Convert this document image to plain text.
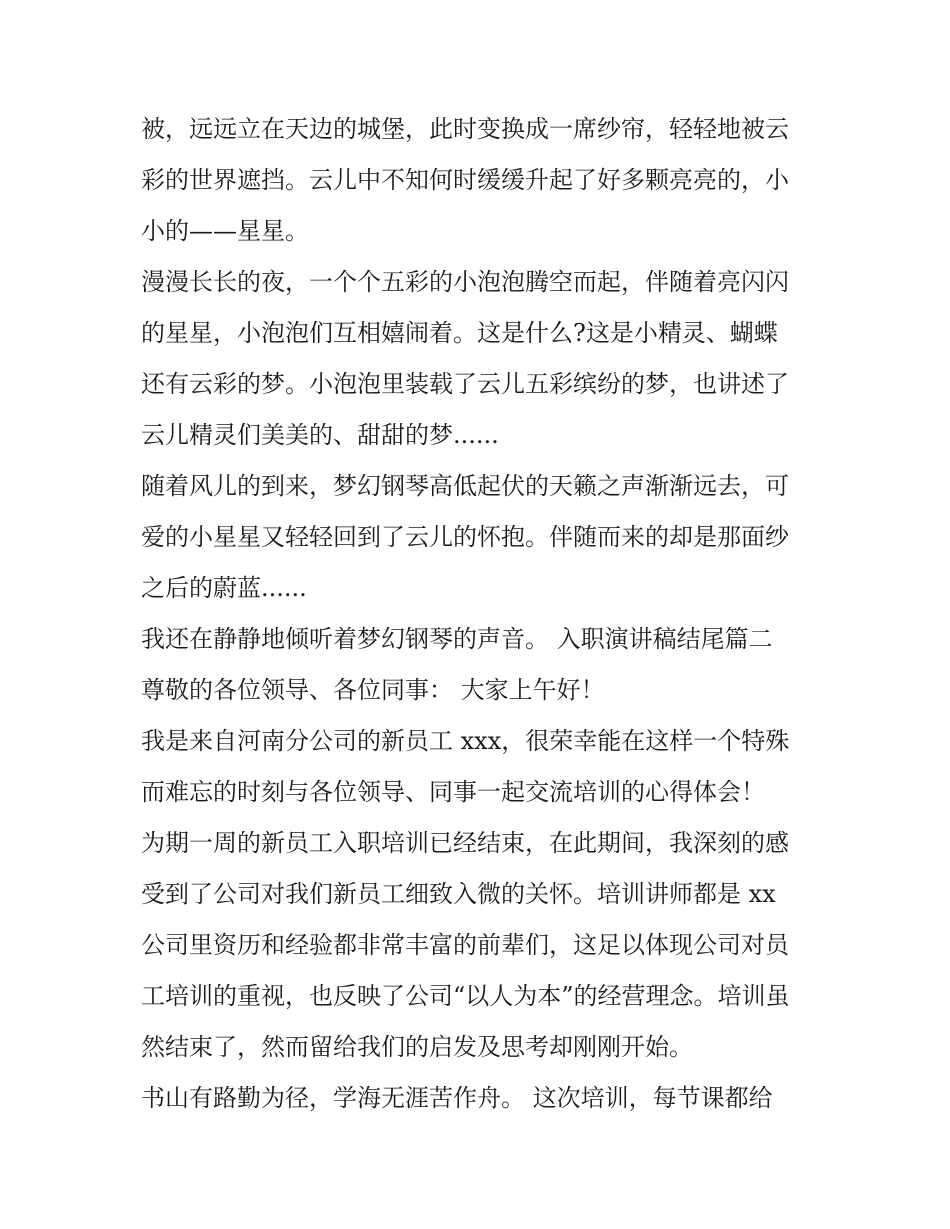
被，远远立在天边的城堡，此时变换成一席纱帘，轻轻地被云
彩的世界遮挡。云儿中不知何时缓缓升起了好多颗亮亮的，小
小的——星星。
漫漫长长的夜，一个个五彩的小泡泡腾空而起，伴随着亮闪闪
的星星，小泡泡们互相嬉闹着。这是什么?这是小精灵、蝴蝶
还有云彩的梦。小泡泡里装载了云儿五彩缤纷的梦，也讲述了
云儿精灵们美美的、甜甜的梦......
随着风儿的到来，梦幻钢琴高低起伏的天籁之声渐渐远去，可
爱的小星星又轻轻回到了云儿的怀抱。伴随而来的却是那面纱
之后的蔚蓝......
我还在静静地倾听着梦幻钢琴的声音。 入职演讲稿结尾篇二
尊敬的各位领导、各位同事： 大家上午好！
我是来自河南分公司的新员工 xxx，很荣幸能在这样一个特殊
而难忘的时刻与各位领导、同事一起交流培训的心得体会！
为期一周的新员工入职培训已经结束，在此期间，我深刻的感
受到了公司对我们新员工细致入微的关怀。培训讲师都是 xx
公司里资历和经验都非常丰富的前辈们，这足以体现公司对员
工培训的重视，也反映了公司“以人为本”的经营理念。培训虽
然结束了，然而留给我们的启发及思考却刚刚开始。
书山有路勤为径，学海无涯苦作舟。 这次培训，每节课都给
